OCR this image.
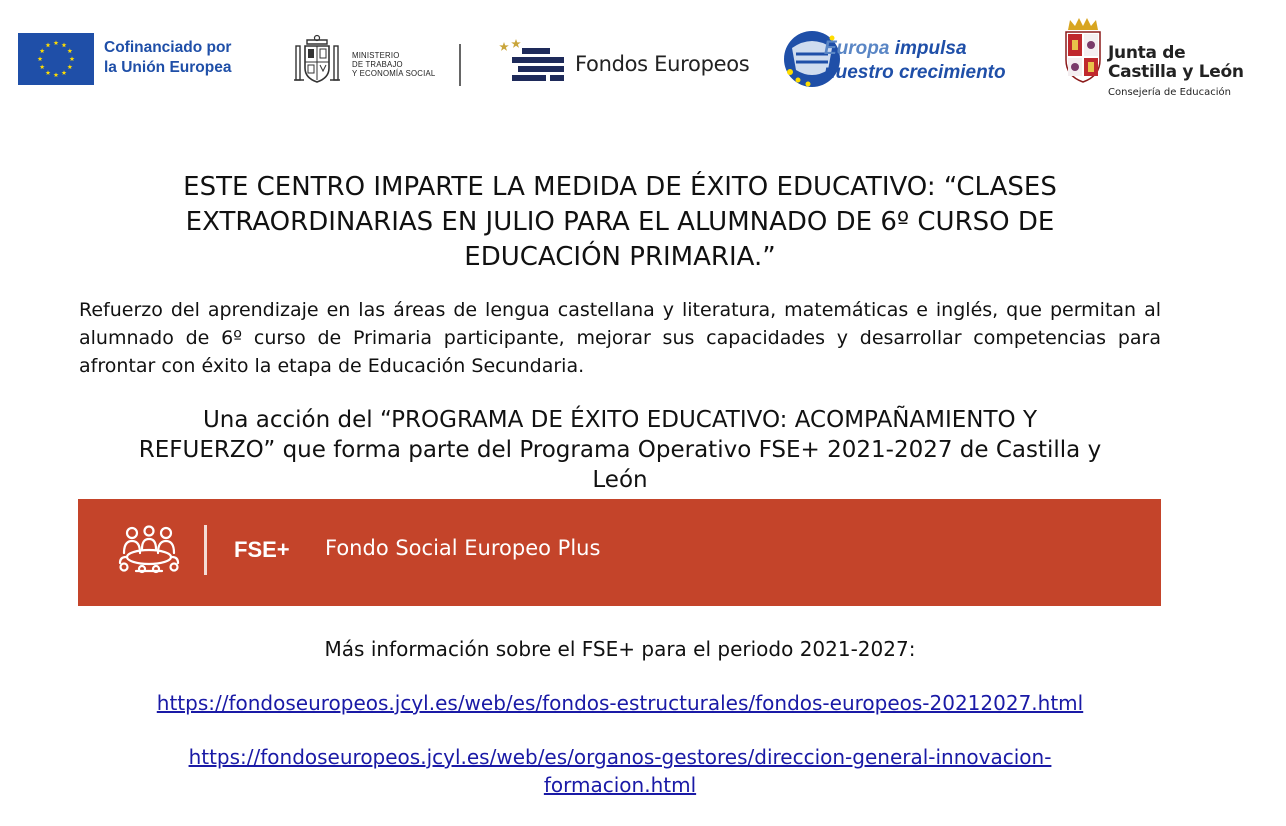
Cofinanciado por
la Unión Europea
MINISTERIO
DE TRABAJO
Y ECONOMÍA SOCIAL	Fondos Europeos
Europa impulsa
nuestro crecimiento
Junta de
Castilla y León
Consejería de Educación
ESTE CENTRO IMPARTE LA MEDIDA DE ÉXITO EDUCATIVO: “CLASES
EXTRAORDINARIAS EN JULIO PARA EL ALUMNADO DE 6º CURSO DE
EDUCACIÓN PRIMARIA.”

Refuerzo del aprendizaje en las áreas de lengua castellana y literatura, matemáticas e inglés, que permitan al alumnado de 6º curso de Primaria participante, mejorar sus capacidades y desarrollar competencias para afrontar con éxito la etapa de Educación Secundaria.

Una acción del “PROGRAMA DE ÉXITO EDUCATIVO: ACOMPAÑAMIENTO Y
REFUERZO” que forma parte del Programa Operativo FSE+ 2021-2027 de Castilla y
León
FSE+ Fondo Social Europeo Plus
Más información sobre el FSE+ para el periodo 2021-2027:
https://fondoseuropeos.jcyl.es/web/es/fondos-estructurales/fondos-europeos-20212027.html
https://fondoseuropeos.jcyl.es/web/es/organos-gestores/direccion-general-innovacion-
formacion.html
